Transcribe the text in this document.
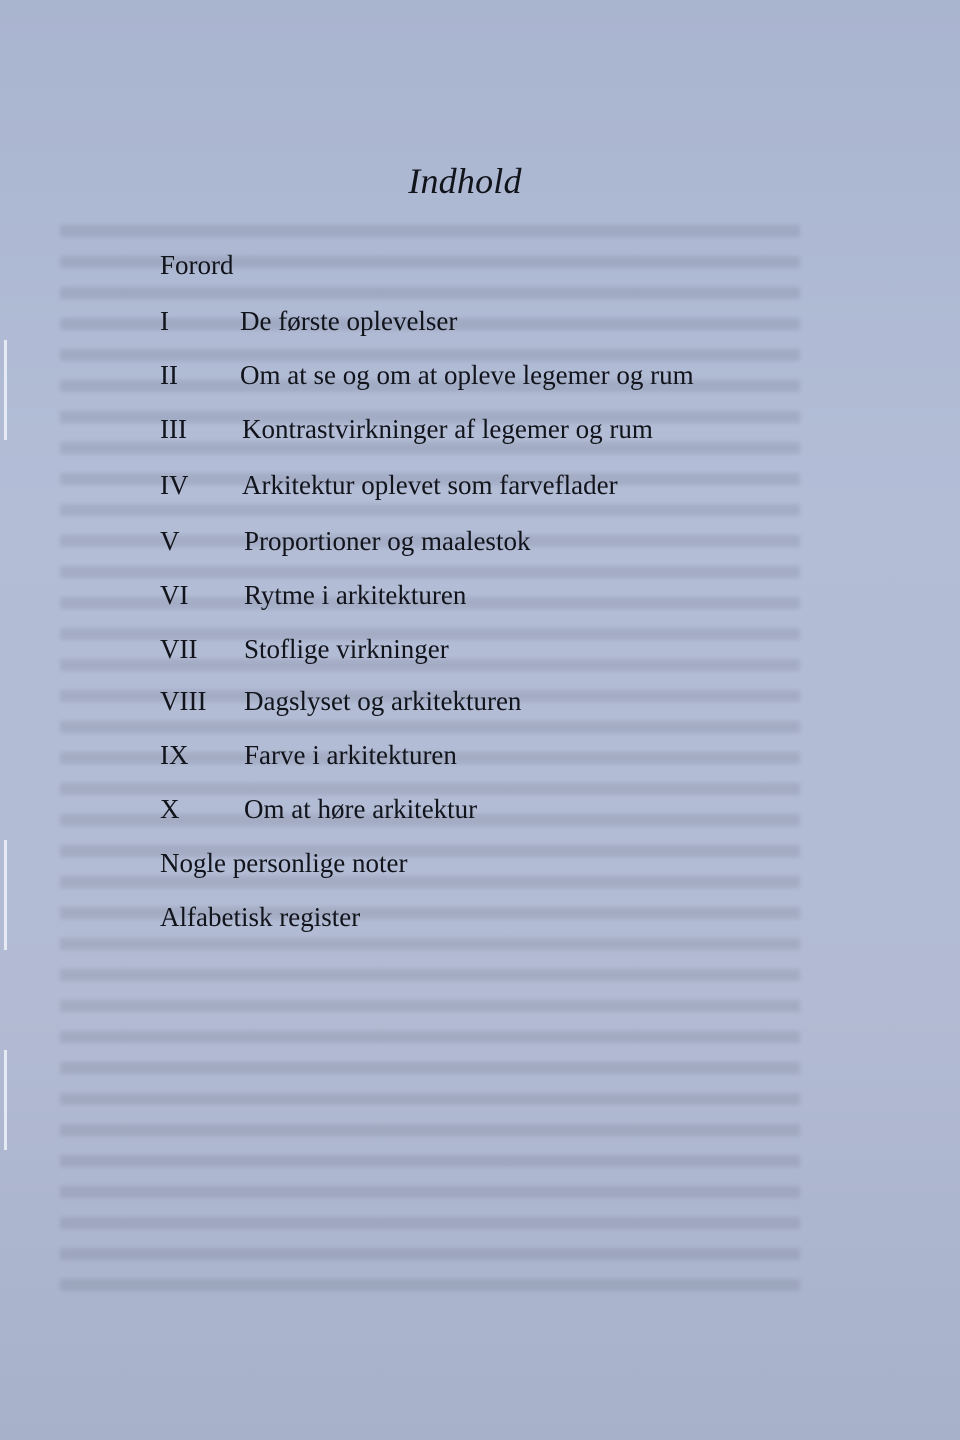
Indhold
Forord
I	De første oplevelser
II Om at se og om at opleve legemer og rum
III Kontrastvirkninger af legemer og rum
IV Arkitektur oplevet som farveflader
V Proportioner og maalestok
VI Rytme i arkitekturen
VII Stoflige virkninger
VIII Dagslyset og arkitekturen
IX Farve i arkitekturen
X Om at høre arkitektur
Nogle personlige noter
Alfabetisk register
